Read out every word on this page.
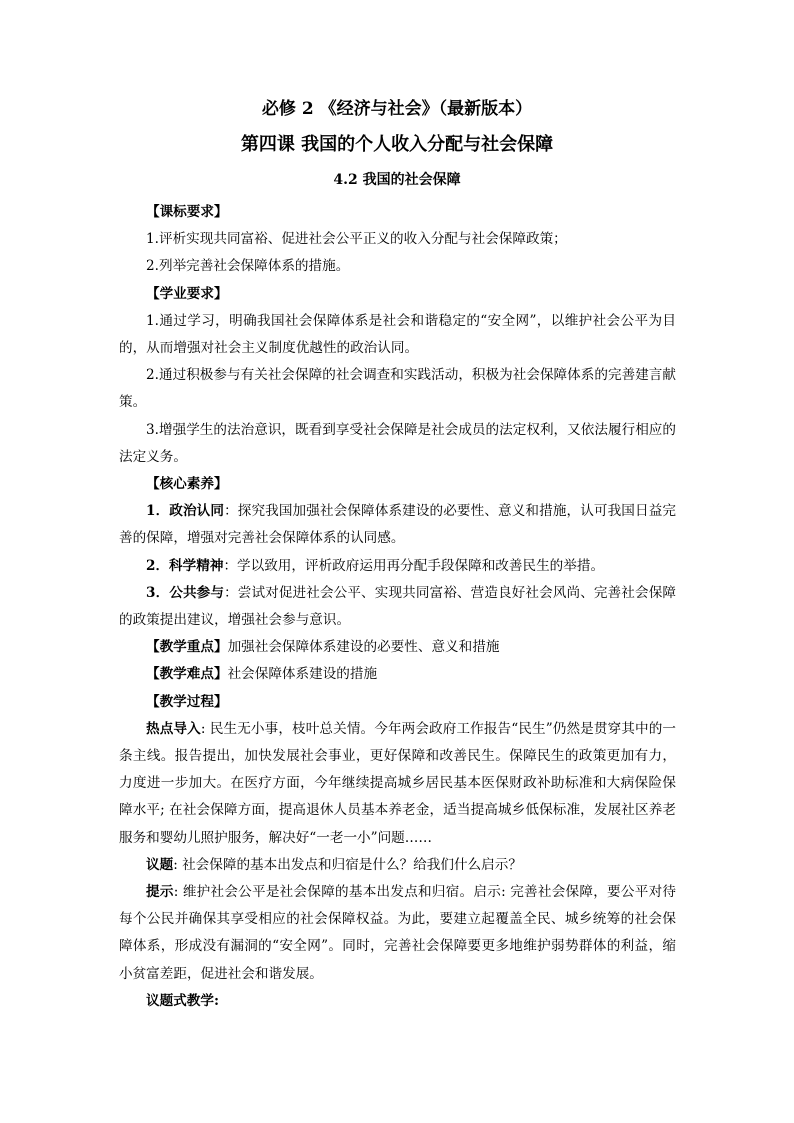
必修 2 《经济与社会》（最新版本）
第四课 我国的个人收入分配与社会保障
4.2 我国的社会保障

【课标要求】

1.评析实现共同富裕、促进社会公平正义的收入分配与社会保障政策；

2.列举完善社会保障体系的措施。

【学业要求】

1.通过学习，明确我国社会保障体系是社会和谐稳定的“安全网”，以维护社会公平为目的，从而增强对社会主义制度优越性的政治认同。

2.通过积极参与有关社会保障的社会调查和实践活动，积极为社会保障体系的完善建言献策。

3.增强学生的法治意识，既看到享受社会保障是社会成员的法定权利，又依法履行相应的法定义务。

【核心素养】

1．政治认同：探究我国加强社会保障体系建设的必要性、意义和措施，认可我国日益完善的保障，增强对完善社会保障体系的认同感。

2．科学精神：学以致用，评析政府运用再分配手段保障和改善民生的举措。

3．公共参与：尝试对促进社会公平、实现共同富裕、营造良好社会风尚、完善社会保障的政策提出建议，增强社会参与意识。

【教学重点】加强社会保障体系建设的必要性、意义和措施

【教学难点】社会保障体系建设的措施

【教学过程】

热点导入: 民生无小事，枝叶总关情。今年两会政府工作报告“民生”仍然是贯穿其中的一条主线。报告提出，加快发展社会事业，更好保障和改善民生。保障民生的政策更加有力，力度进一步加大。在医疗方面，今年继续提高城乡居民基本医保财政补助标准和大病保险保障水平; 在社会保障方面，提高退休人员基本养老金，适当提高城乡低保标准，发展社区养老服务和婴幼儿照护服务，解决好“一老一小”问题……

议题: 社会保障的基本出发点和归宿是什么？给我们什么启示？

提示: 维护社会公平是社会保障的基本出发点和归宿。启示: 完善社会保障，要公平对待每个公民并确保其享受相应的社会保障权益。为此，要建立起覆盖全民、城乡统筹的社会保障体系，形成没有漏洞的“安全网”。同时，完善社会保障要更多地维护弱势群体的利益，缩小贫富差距，促进社会和谐发展。

议题式教学:
